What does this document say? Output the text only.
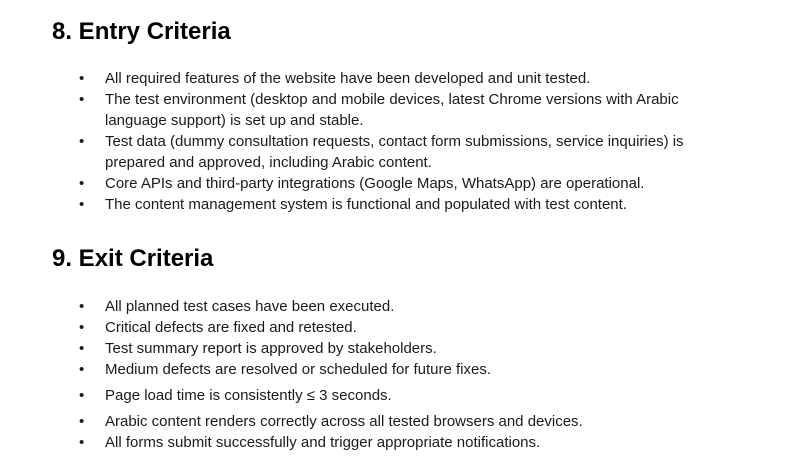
8. Entry Criteria
•	All required features of the website have been developed and unit tested.
•	The test environment (desktop and mobile devices, latest Chrome versions with Arabic language support) is set up and stable.
•	Test data (dummy consultation requests, contact form submissions, service inquiries) is prepared and approved, including Arabic content.
•	Core APIs and third-party integrations (Google Maps, WhatsApp) are operational.
•	The content management system is functional and populated with test content.
9. Exit Criteria
•	All planned test cases have been executed.
•	Critical defects are fixed and retested.
•	Test summary report is approved by stakeholders.
•	Medium defects are resolved or scheduled for future fixes.
•	Page load time is consistently ≤ 3 seconds.
•	Arabic content renders correctly across all tested browsers and devices.
•	All forms submit successfully and trigger appropriate notifications.
